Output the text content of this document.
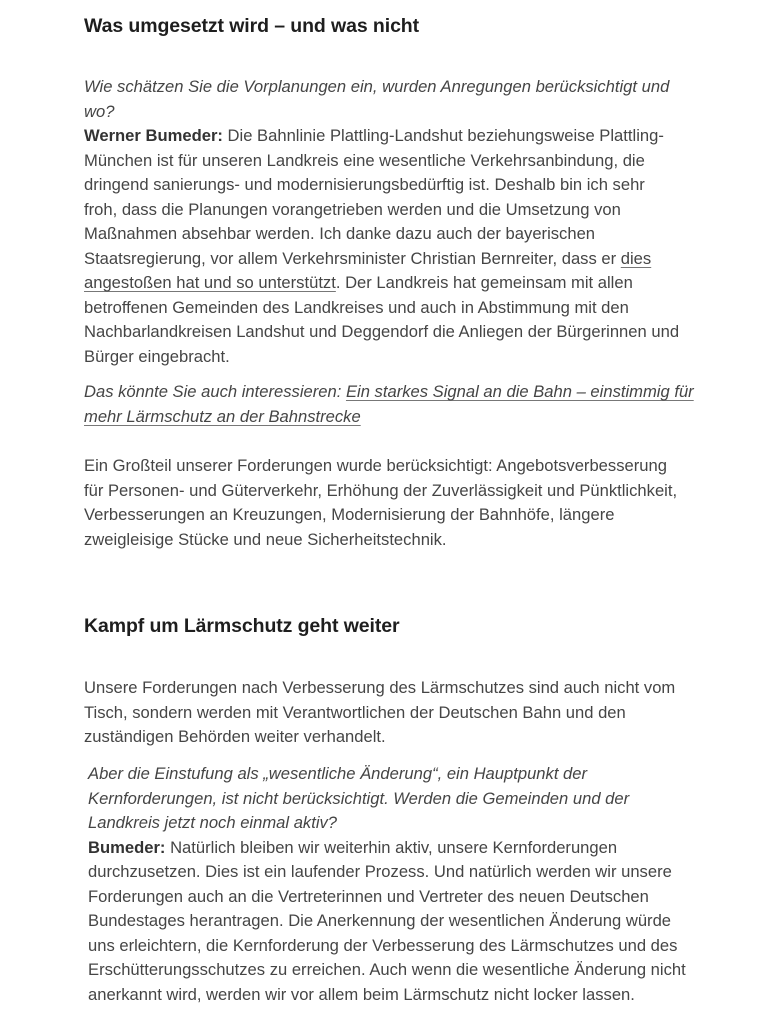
Was umgesetzt wird – und was nicht
Wie schätzen Sie die Vorplanungen ein, wurden Anregungen berücksichtigt und
wo?
Werner Bumeder: Die Bahnlinie Plattling-Landshut beziehungsweise Plattling-
München ist für unseren Landkreis eine wesentliche Verkehrsanbindung, die
dringend sanierungs- und modernisierungsbedürftig ist. Deshalb bin ich sehr
froh, dass die Planungen vorangetrieben werden und die Umsetzung von
Maßnahmen absehbar werden. Ich danke dazu auch der bayerischen
Staatsregierung, vor allem Verkehrsminister Christian Bernreiter, dass er dies
angestoßen hat und so unterstützt. Der Landkreis hat gemeinsam mit allen
betroffenen Gemeinden des Landkreises und auch in Abstimmung mit den
Nachbarlandkreisen Landshut und Deggendorf die Anliegen der Bürgerinnen und
Bürger eingebracht.
Das könnte Sie auch interessieren: Ein starkes Signal an die Bahn – einstimmig für
mehr Lärmschutz an der Bahnstrecke
Ein Großteil unserer Forderungen wurde berücksichtigt: Angebotsverbesserung
für Personen- und Güterverkehr, Erhöhung der Zuverlässigkeit und Pünktlichkeit,
Verbesserungen an Kreuzungen, Modernisierung der Bahnhöfe, längere
zweigleisige Stücke und neue Sicherheitstechnik.
Kampf um Lärmschutz geht weiter
Unsere Forderungen nach Verbesserung des Lärmschutzes sind auch nicht vom
Tisch, sondern werden mit Verantwortlichen der Deutschen Bahn und den
zuständigen Behörden weiter verhandelt.
Aber die Einstufung als „wesentliche Änderung“, ein Hauptpunkt der
Kernforderungen, ist nicht berücksichtigt. Werden die Gemeinden und der
Landkreis jetzt noch einmal aktiv?
Bumeder: Natürlich bleiben wir weiterhin aktiv, unsere Kernforderungen
durchzusetzen. Dies ist ein laufender Prozess. Und natürlich werden wir unsere
Forderungen auch an die Vertreterinnen und Vertreter des neuen Deutschen
Bundestages herantragen. Die Anerkennung der wesentlichen Änderung würde
uns erleichtern, die Kernforderung der Verbesserung des Lärmschutzes und des
Erschütterungsschutzes zu erreichen. Auch wenn die wesentliche Änderung nicht
anerkannt wird, werden wir vor allem beim Lärmschutz nicht locker lassen.
